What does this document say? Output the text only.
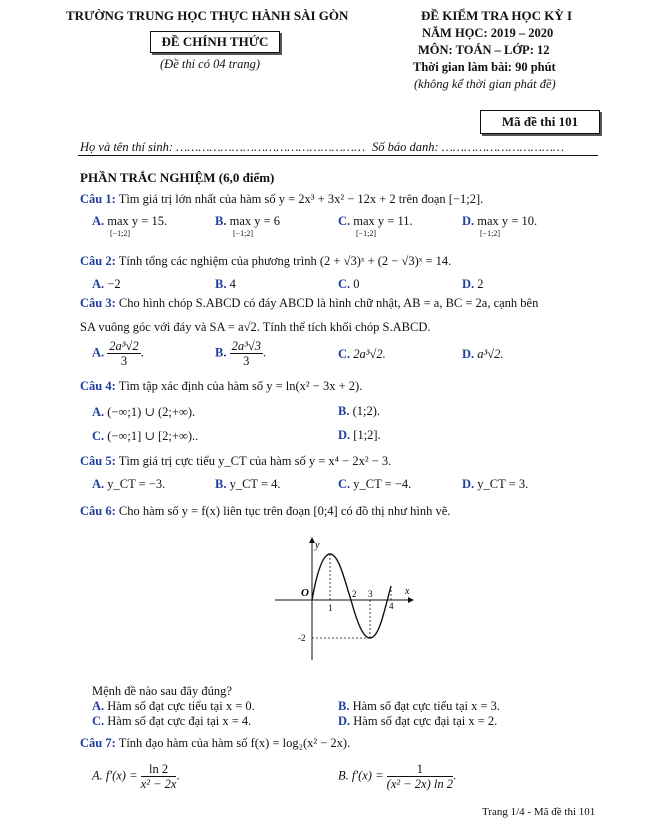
TRƯỜNG TRUNG HỌC THỰC HÀNH SÀI GÒN
ĐỀ CHÍNH THỨC
(Đề thi có 04 trang)
ĐỀ KIỂM TRA HỌC KỲ I
NĂM HỌC: 2019 – 2020
MÔN: TOÁN – LỚP: 12
Thời gian làm bài: 90 phút
(không kể thời gian phát đề)
Mã đề thi 101
Họ và tên thí sinh: …………………………………………… Số báo danh: ……………………………
PHẦN TRẮC NGHIỆM (6,0 điểm)
Câu 1: Tìm giá trị lớn nhất của hàm số y = 2x³ + 3x² − 12x + 2 trên đoạn [−1;2].
A. max y = 15.	B. max y = 6	C. max y = 11.	D. max y = 10.
[−1;2]	[−1;2]	[−1;2]	[−1;2]
Câu 2: Tính tổng các nghiệm của phương trình (2 + √3)ˣ + (2 − √3)ˣ = 14.
A. −2	B. 4	C. 0	D. 2
Câu 3: Cho hình chóp S.ABCD có đáy ABCD là hình chữ nhật, AB = a, BC = 2a, cạnh bên
SA vuông góc với đáy và SA = a√2. Tính thể tích khối chóp S.ABCD.
A. $\frac{\text{2a³√2}}{3}$ .	B. $\frac{\text{2a³√3}}{3}$ .	C. 2a³√2.	D. a³√2.
Câu 4: Tìm tập xác định của hàm số y = ln(x² − 3x + 2).
A. (−∞;1) ∪ (2;+∞).	B. (1;2).
C. (−∞;1] ∪ [2;+∞)..	D. [1;2].
Câu 5: Tìm giá trị cực tiểu y_CT của hàm số y = x⁴ − 2x² − 3.
A. y_CT = −3.	B. y_CT = 4.	C. y_CT = −4.	D. y_CT = 3.
Câu 6: Cho hàm số y = f(x) liên tục trên đoạn [0;4] có đồ thị như hình vẽ.
y
x
O
1
2 3
4
-2
Mệnh đề nào sau đây đúng?
A. Hàm số đạt cực tiểu tại x = 0.	B. Hàm số đạt cực tiểu tại x = 3.
C. Hàm số đạt cực đại tại x = 4.	D. Hàm số đạt cực đại tại x = 2.
Câu 7: Tính đạo hàm của hàm số f(x) = log₂(x² − 2x).
A. $f'(x) = \frac{\ln 2}{\text{x² − 2x}}$ .	B. $f'(x) = \frac{1}{\text{(x² − 2x) ln 2}}$ .
Trang 1/4 - Mã đề thi 101
